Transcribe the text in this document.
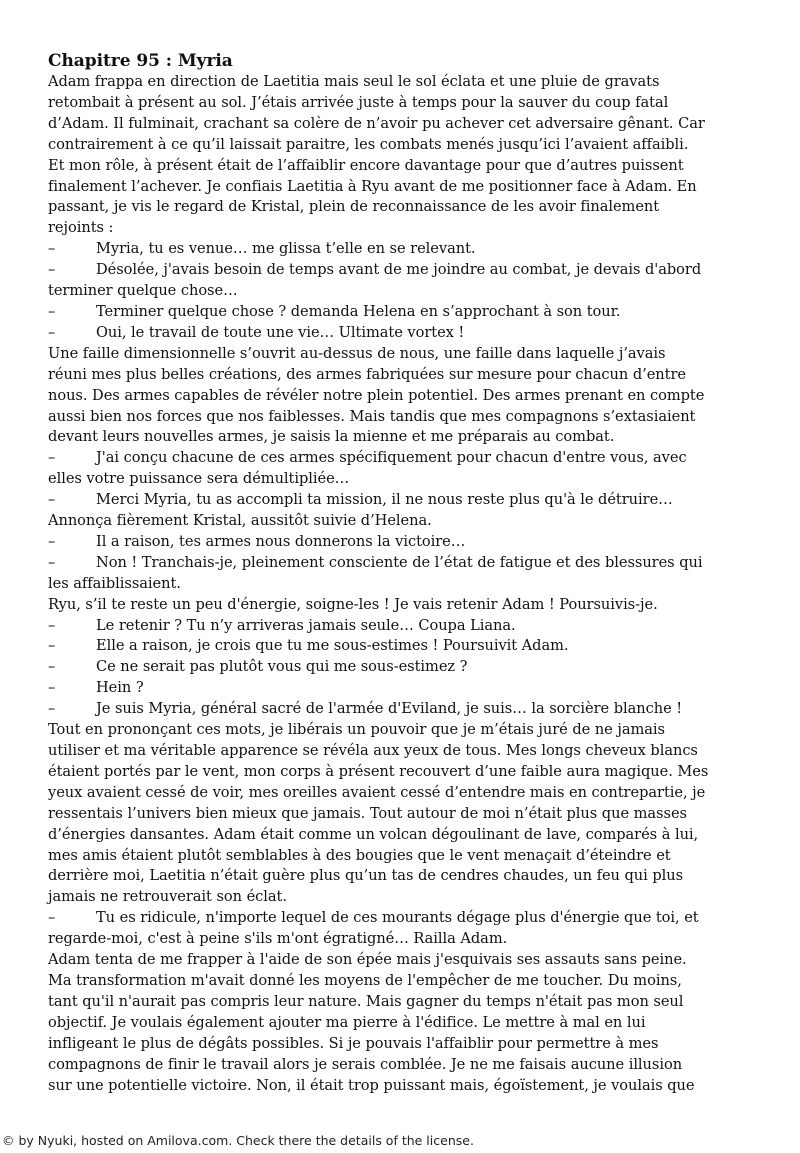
Chapitre 95 : Myria
Adam frappa en direction de Laetitia mais seul le sol éclata et une pluie de gravats
retombait à présent au sol. J’étais arrivée juste à temps pour la sauver du coup fatal
d’Adam. Il fulminait, crachant sa colère de n’avoir pu achever cet adversaire gênant. Car
contrairement à ce qu’il laissait paraitre, les combats menés jusqu’ici l’avaient affaibli.
Et mon rôle, à présent était de l’affaiblir encore davantage pour que d’autres puissent
finalement l’achever. Je confiais Laetitia à Ryu avant de me positionner face à Adam. En
passant, je vis le regard de Kristal, plein de reconnaissance de les avoir finalement
rejoints :
–	Myria, tu es venue… me glissa t’elle en se relevant.
–	Désolée, j'avais besoin de temps avant de me joindre au combat, je devais d'abord
terminer quelque chose…
–	Terminer quelque chose ? demanda Helena en s’approchant à son tour.
–	Oui, le travail de toute une vie… Ultimate vortex !
Une faille dimensionnelle s’ouvrit au-dessus de nous, une faille dans laquelle j’avais
réuni mes plus belles créations, des armes fabriquées sur mesure pour chacun d’entre
nous. Des armes capables de révéler notre plein potentiel. Des armes prenant en compte
aussi bien nos forces que nos faiblesses. Mais tandis que mes compagnons s’extasiaient
devant leurs nouvelles armes, je saisis la mienne et me préparais au combat.
–	J'ai conçu chacune de ces armes spécifiquement pour chacun d'entre vous, avec
elles votre puissance sera démultipliée…
–	Merci Myria, tu as accompli ta mission, il ne nous reste plus qu'à le détruire…
Annonça fièrement Kristal, aussitôt suivie d’Helena.
–	Il a raison, tes armes nous donnerons la victoire…
–	Non ! Tranchais-je, pleinement consciente de l’état de fatigue et des blessures qui
les affaiblissaient.
Ryu, s’il te reste un peu d'énergie, soigne-les ! Je vais retenir Adam ! Poursuivis-je.
–	Le retenir ? Tu n’y arriveras jamais seule… Coupa Liana.
–	Elle a raison, je crois que tu me sous-estimes ! Poursuivit Adam.
–	Ce ne serait pas plutôt vous qui me sous-estimez ?
–	Hein ?
–	Je suis Myria, général sacré de l'armée d'Eviland, je suis… la sorcière blanche !
Tout en prononçant ces mots, je libérais un pouvoir que je m’étais juré de ne jamais
utiliser et ma véritable apparence se révéla aux yeux de tous. Mes longs cheveux blancs
étaient portés par le vent, mon corps à présent recouvert d’une faible aura magique. Mes
yeux avaient cessé de voir, mes oreilles avaient cessé d’entendre mais en contrepartie, je
ressentais l’univers bien mieux que jamais. Tout autour de moi n’était plus que masses
d’énergies dansantes. Adam était comme un volcan dégoulinant de lave, comparés à lui,
mes amis étaient plutôt semblables à des bougies que le vent menaçait d’éteindre et
derrière moi, Laetitia n’était guère plus qu’un tas de cendres chaudes, un feu qui plus
jamais ne retrouverait son éclat.
–	Tu es ridicule, n'importe lequel de ces mourants dégage plus d'énergie que toi, et
regarde-moi, c'est à peine s'ils m'ont égratigné… Railla Adam.
Adam tenta de me frapper à l'aide de son épée mais j'esquivais ses assauts sans peine.
Ma transformation m'avait donné les moyens de l'empêcher de me toucher. Du moins,
tant qu'il n'aurait pas compris leur nature. Mais gagner du temps n'était pas mon seul
objectif. Je voulais également ajouter ma pierre à l'édifice. Le mettre à mal en lui
infligeant le plus de dégâts possibles. Si je pouvais l'affaiblir pour permettre à mes
compagnons de finir le travail alors je serais comblée. Je ne me faisais aucune illusion
sur une potentielle victoire. Non, il était trop puissant mais, égoïstement, je voulais que
© by Nyuki, hosted on Amilova.com. Check there the details of the license.
